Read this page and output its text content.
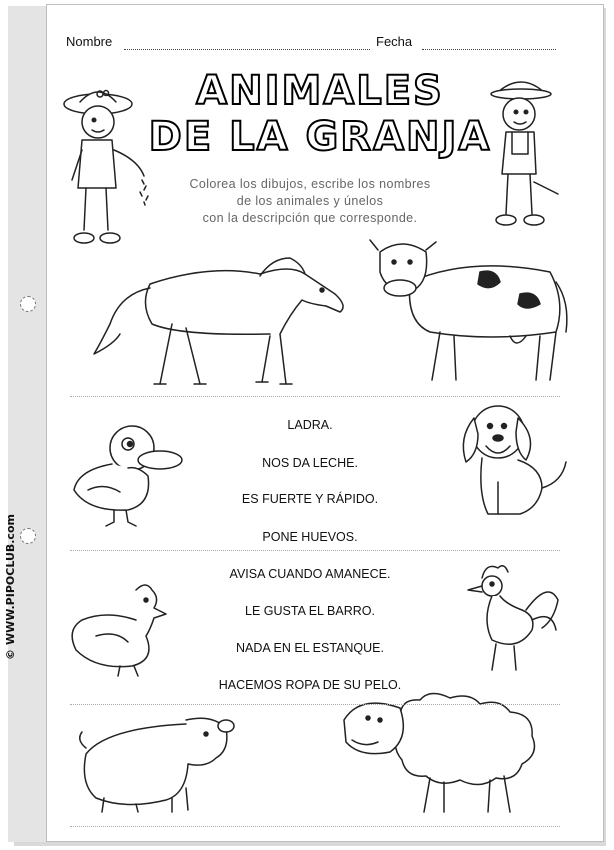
©WWW.PIPOCLUB.com
Nombre	Fecha
ANIMALES
DE LA GRANJA
Colorea los dibujos, escribe los nombres
de los animales y únelos
con la descripción que corresponde.
LADRA.
NOS DA LECHE.
ES FUERTE Y RÁPIDO.
PONE HUEVOS.
AVISA CUANDO AMANECE.
LE GUSTA EL BARRO.
NADA EN EL ESTANQUE.
HACEMOS ROPA DE SU PELO.
